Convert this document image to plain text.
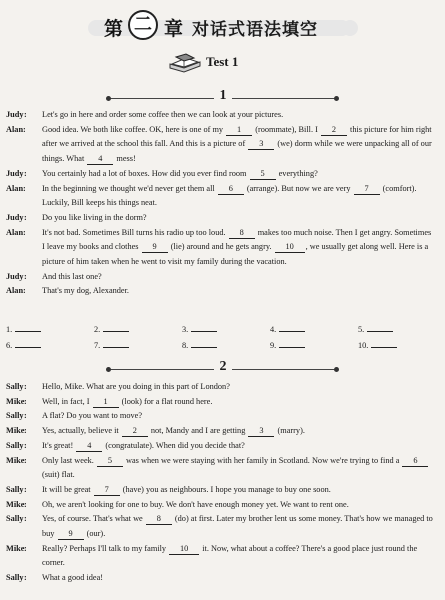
第 二 章 对话式语法填空
Test 1
1

Judy : Let's go in here and order some coffee then we can look at your pictures.

Alan : Good idea. We both like coffee. OK, here is one of my 1 (roommate), Bill. I 2 this picture for him right after we arrived at the school this fall. And this is a picture of 3 (we) dorm while we were unpacking all of our things. What 4 mess!

Judy : You certainly had a lot of boxes. How did you ever find room 5 everything?

Alan : In the beginning we thought we'd never get them all 6 (arrange). But now we are very 7 (comfort). Luckily, Bill keeps his things neat.

Judy : Do you like living in the dorm?

Alan : It's not bad. Sometimes Bill turns his radio up too loud. 8 makes too much noise. Then I get angry. Sometimes I leave my books and clothes 9 (lie) around and he gets angry. 10 , we usually get along well. Here is a picture of him taken when he went to visit my family during the vacation.

Judy : And this last one?

Alan : That's my dog, Alexander.

1.	2.	3.	4.	5.
6.	7.	8.	9.	10.
2

Sally : Hello, Mike. What are you doing in this part of London?

Mike : Well, in fact, I 1 (look) for a flat round here.

Sally : A flat? Do you want to move?

Mike : Yes, actually, believe it 2 not, Mandy and I are getting 3 (marry).

Sally : It's great! 4 (congratulate). When did you decide that?

Mike : Only last week. 5 was when we were staying with her family in Scotland. Now we're trying to find a 6 (suit) flat.

Sally : It will be great 7 (have) you as neighbours. I hope you manage to buy one soon.

Mike : Oh, we aren't looking for one to buy. We don't have enough money yet. We want to rent one.

Sally : Yes, of course. That's what we 8 (do) at first. Later my brother lent us some money. That's how we managed to buy 9 (our).

Mike : Really? Perhaps I'll talk to my family 10 it. Now, what about a coffee? There's a good place just round the corner.

Sally : What a good idea!
